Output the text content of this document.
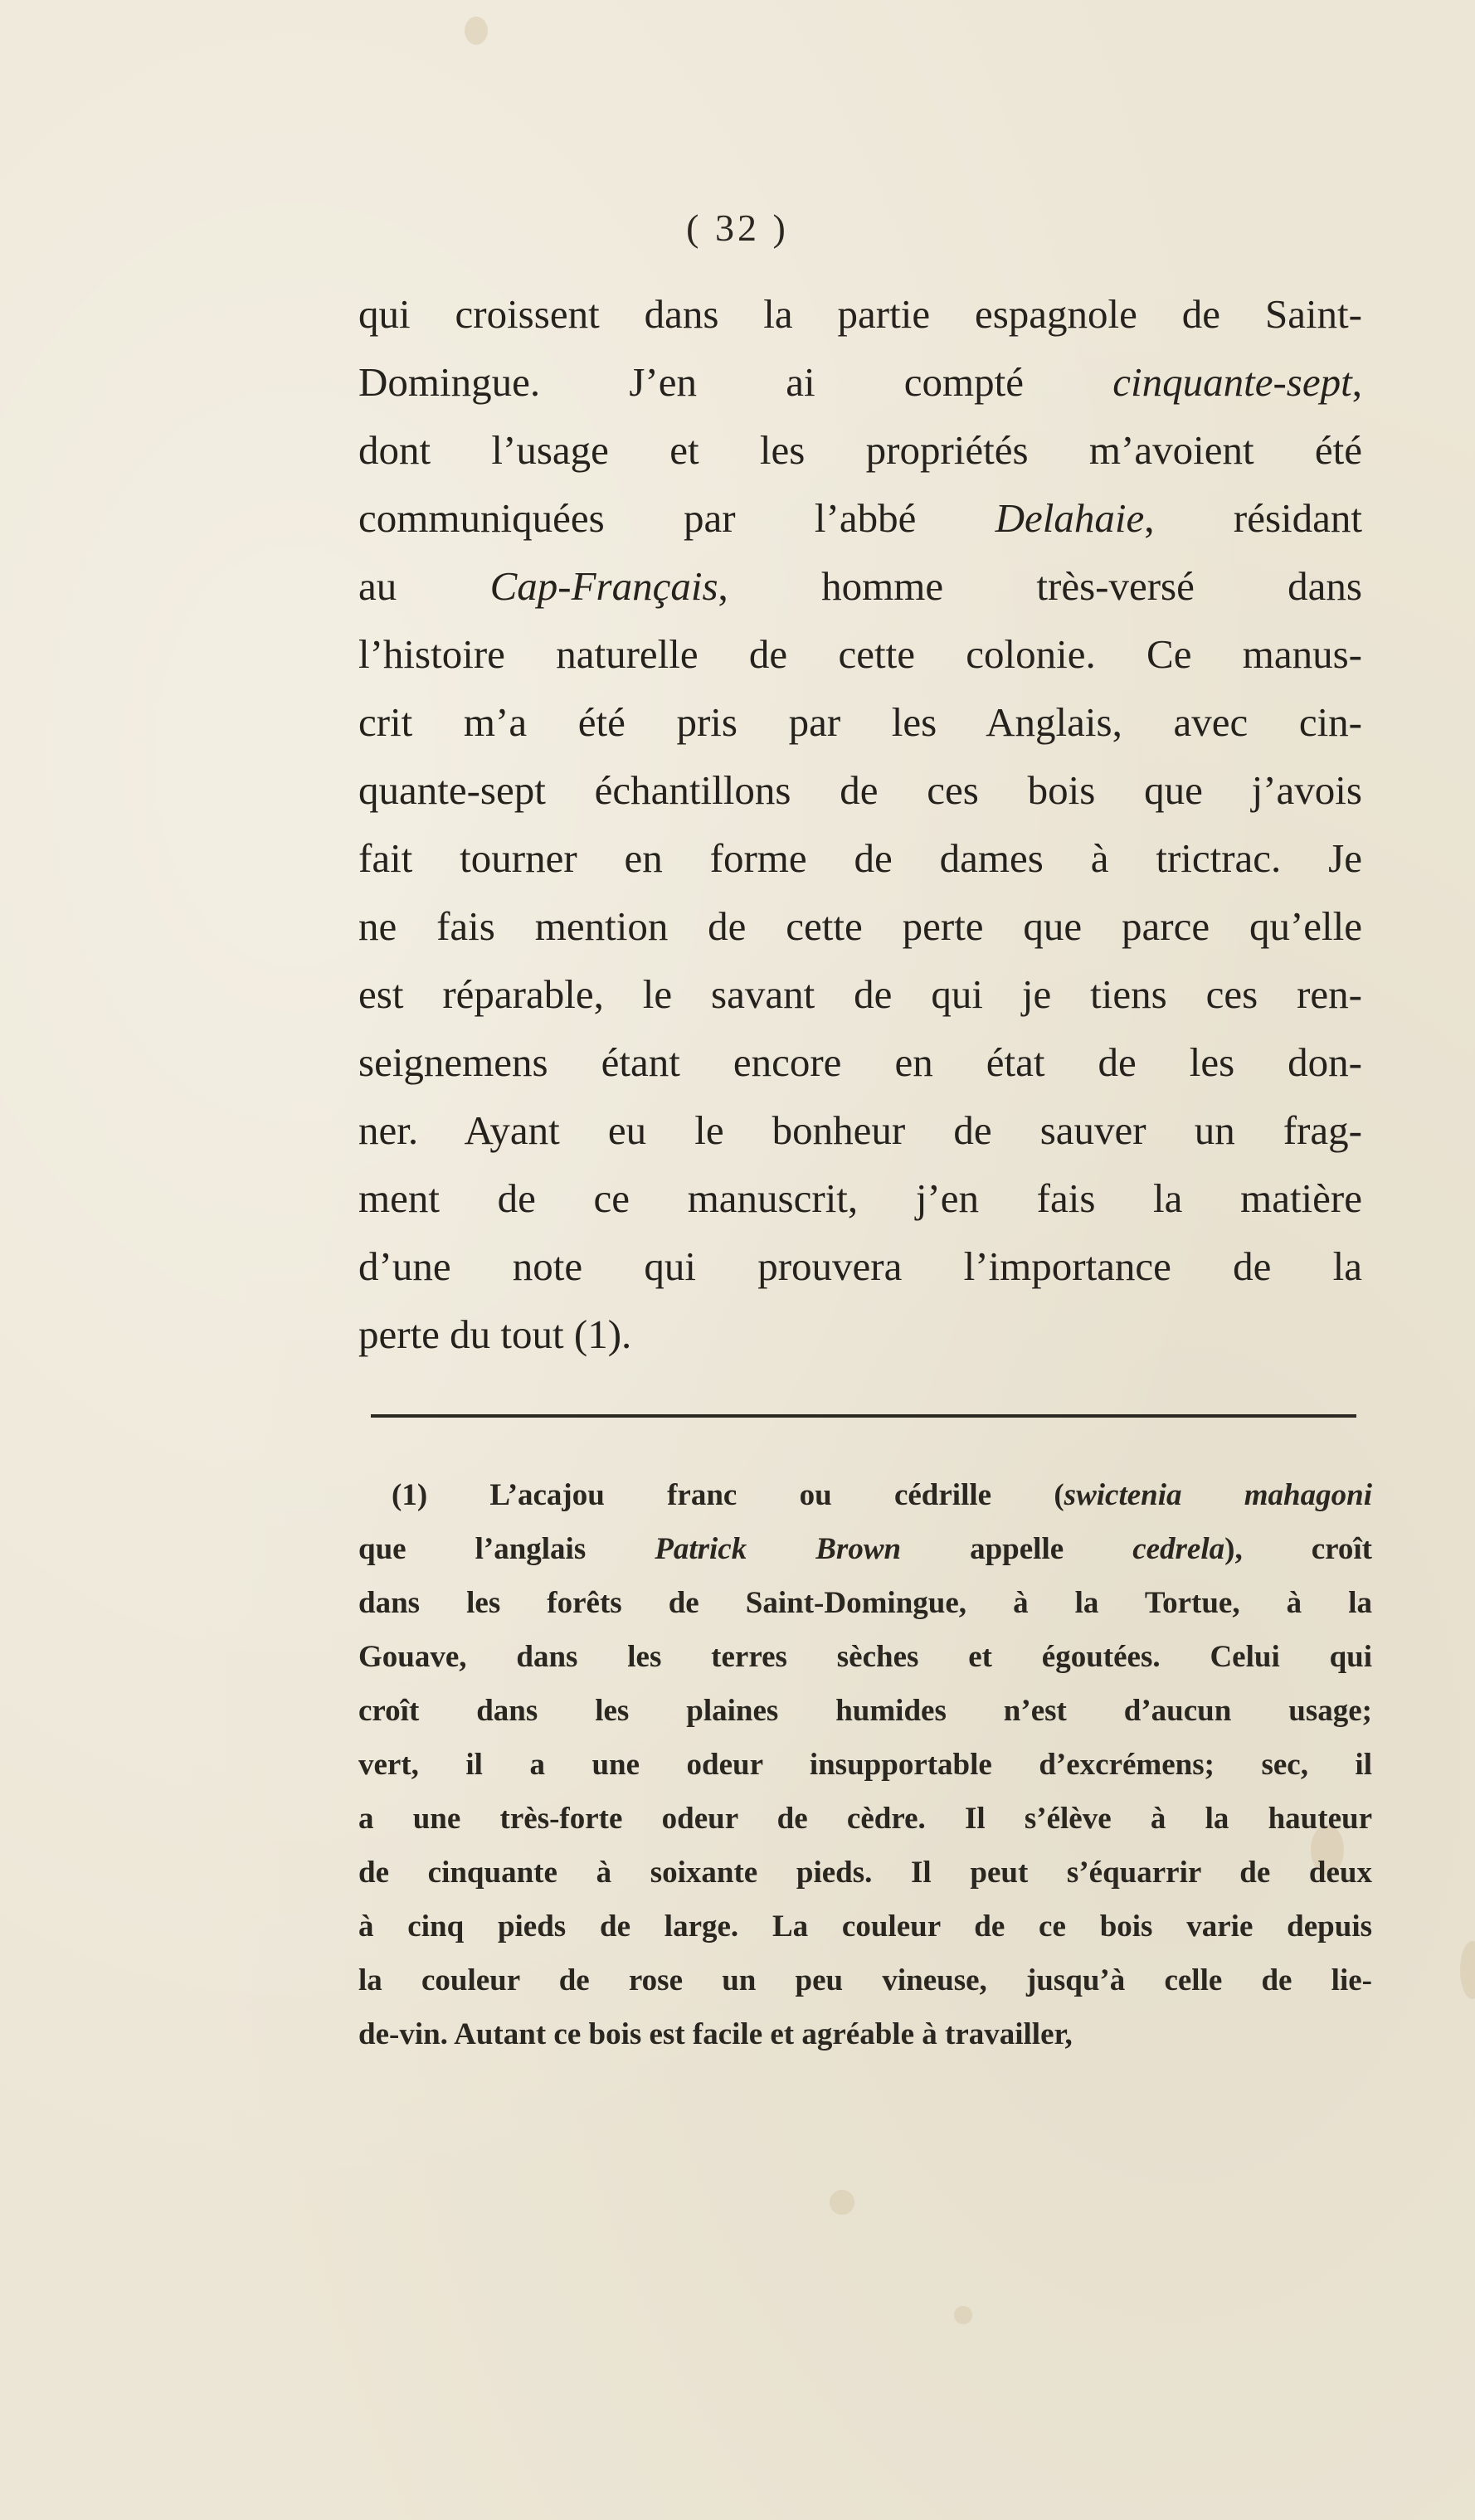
( 32 )
qui croissent dans la partie espagnole de Saint-
Domingue. J’en ai compté cinquante-sept,
dont l’usage et les propriétés m’avoient été
communiquées par l’abbé Delahaie, résidant
au Cap-Français, homme très-versé dans
l’histoire naturelle de cette colonie. Ce manus-
crit m’a été pris par les Anglais, avec cin-
quante-sept échantillons de ces bois que j’avois
fait tourner en forme de dames à trictrac. Je
ne fais mention de cette perte que parce qu’elle
est réparable, le savant de qui je tiens ces ren-
seignemens étant encore en état de les don-
ner. Ayant eu le bonheur de sauver un frag-
ment de ce manuscrit, j’en fais la matière
d’une note qui prouvera l’importance de la
perte du tout (1).
(1) L’acajou franc ou cédrille (swictenia mahagoni
que l’anglais Patrick Brown appelle cedrela), croît
dans les forêts de Saint-Domingue, à la Tortue, à la
Gouave, dans les terres sèches et égoutées. Celui qui
croît dans les plaines humides n’est d’aucun usage;
vert, il a une odeur insupportable d’excrémens; sec, il
a une très-forte odeur de cèdre. Il s’élève à la hauteur
de cinquante à soixante pieds. Il peut s’équarrir de deux
à cinq pieds de large. La couleur de ce bois varie depuis
la couleur de rose un peu vineuse, jusqu’à celle de lie-
de-vin. Autant ce bois est facile et agréable à travailler,
